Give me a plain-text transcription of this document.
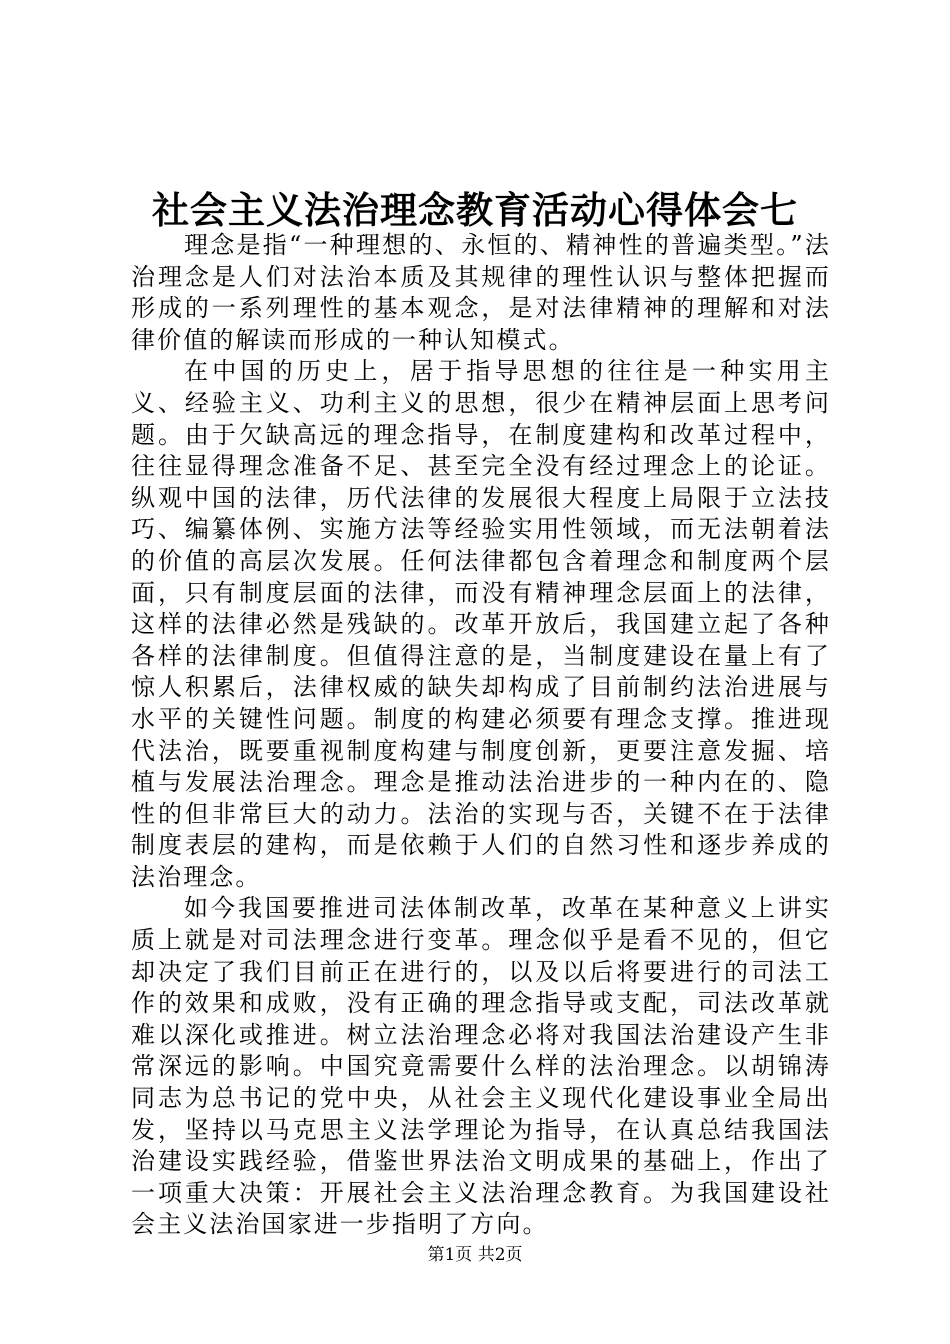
社会主义法治理念教育活动心得体会七

理念是指“一种理想的、永恒的、精神性的普遍类型。”法治理念是人们对法治本质及其规律的理性认识与整体把握而形成的一系列理性的基本观念，是对法律精神的理解和对法律价值的解读而形成的一种认知模式。

在中国的历史上，居于指导思想的往往是一种实用主义、经验主义、功利主义的思想，很少在精神层面上思考问题。由于欠缺高远的理念指导，在制度建构和改革过程中，往往显得理念准备不足、甚至完全没有经过理念上的论证。纵观中国的法律，历代法律的发展很大程度上局限于立法技巧、编纂体例、实施方法等经验实用性领域，而无法朝着法的价值的高层次发展。任何法律都包含着理念和制度两个层面，只有制度层面的法律，而没有精神理念层面上的法律，这样的法律必然是残缺的。改革开放后，我国建立起了各种各样的法律制度。但值得注意的是，当制度建设在量上有了惊人积累后，法律权威的缺失却构成了目前制约法治进展与水平的关键性问题。制度的构建必须要有理念支撑。推进现代法治，既要重视制度构建与制度创新，更要注意发掘、培植与发展法治理念。理念是推动法治进步的一种内在的、隐性的但非常巨大的动力。法治的实现与否，关键不在于法律制度表层的建构，而是依赖于人们的自然习性和逐步养成的法治理念。

如今我国要推进司法体制改革，改革在某种意义上讲实质上就是对司法理念进行变革。理念似乎是看不见的，但它却决定了我们目前正在进行的，以及以后将要进行的司法工作的效果和成败，没有正确的理念指导或支配，司法改革就难以深化或推进。树立法治理念必将对我国法治建设产生非常深远的影响。中国究竟需要什么样的法治理念。以胡锦涛同志为总书记的党中央，从社会主义现代化建设事业全局出发，坚持以马克思主义法学理论为指导，在认真总结我国法治建设实践经验，借鉴世界法治文明成果的基础上，作出了一项重大决策：开展社会主义法治理念教育。为我国建设社会主义法治国家进一步指明了方向。

第1页 共2页
